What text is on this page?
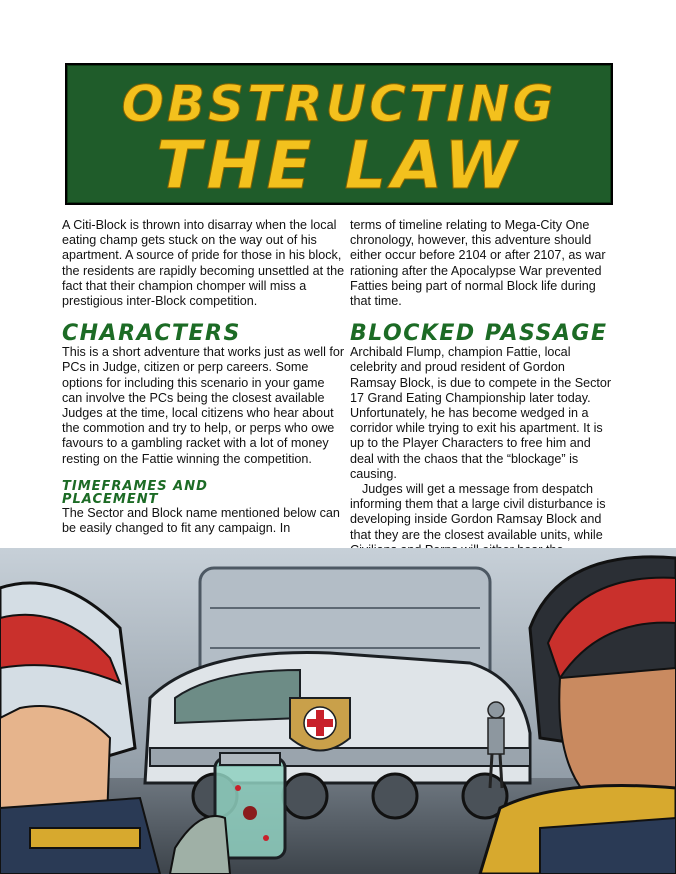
OBSTRUCTING
THE LAW

A Citi-Block is thrown into disarray when the local eating champ gets stuck on the way out of his apartment. A source of pride for those in his block, the residents are rapidly becoming unsettled at the fact that their champion chomper will miss a prestigious inter-Block competition.

CHARACTERS

This is a short adventure that works just as well for PCs in Judge, citizen or perp careers. Some options for including this scenario in your game can involve the PCs being the closest available Judges at the time, local citizens who hear about the commotion and try to help, or perps who owe favours to a gambling racket with a lot of money resting on the Fattie winning the competition.

TIMEFRAMES AND
PLACEMENT

The Sector and Block name mentioned below can be easily changed to fit any campaign. In

terms of timeline relating to Mega-City One chronology, however, this adventure should either occur before 2104 or after 2107, as war rationing after the Apocalypse War prevented Fatties being part of normal Block life during that time.

BLOCKED PASSAGE

Archibald Flump, champion Fattie, local celebrity and proud resident of Gordon Ramsay Block, is due to compete in the Sector 17 Grand Eating Championship later today. Unfortunately, he has become wedged in a corridor while trying to exit his apartment. It is up to the Player Characters to free him and deal with the chaos that the “blockage” is causing.

Judges will get a message from despatch informing them that a large civil disturbance is developing inside Gordon Ramsay Block and that they are the closest available units, while
